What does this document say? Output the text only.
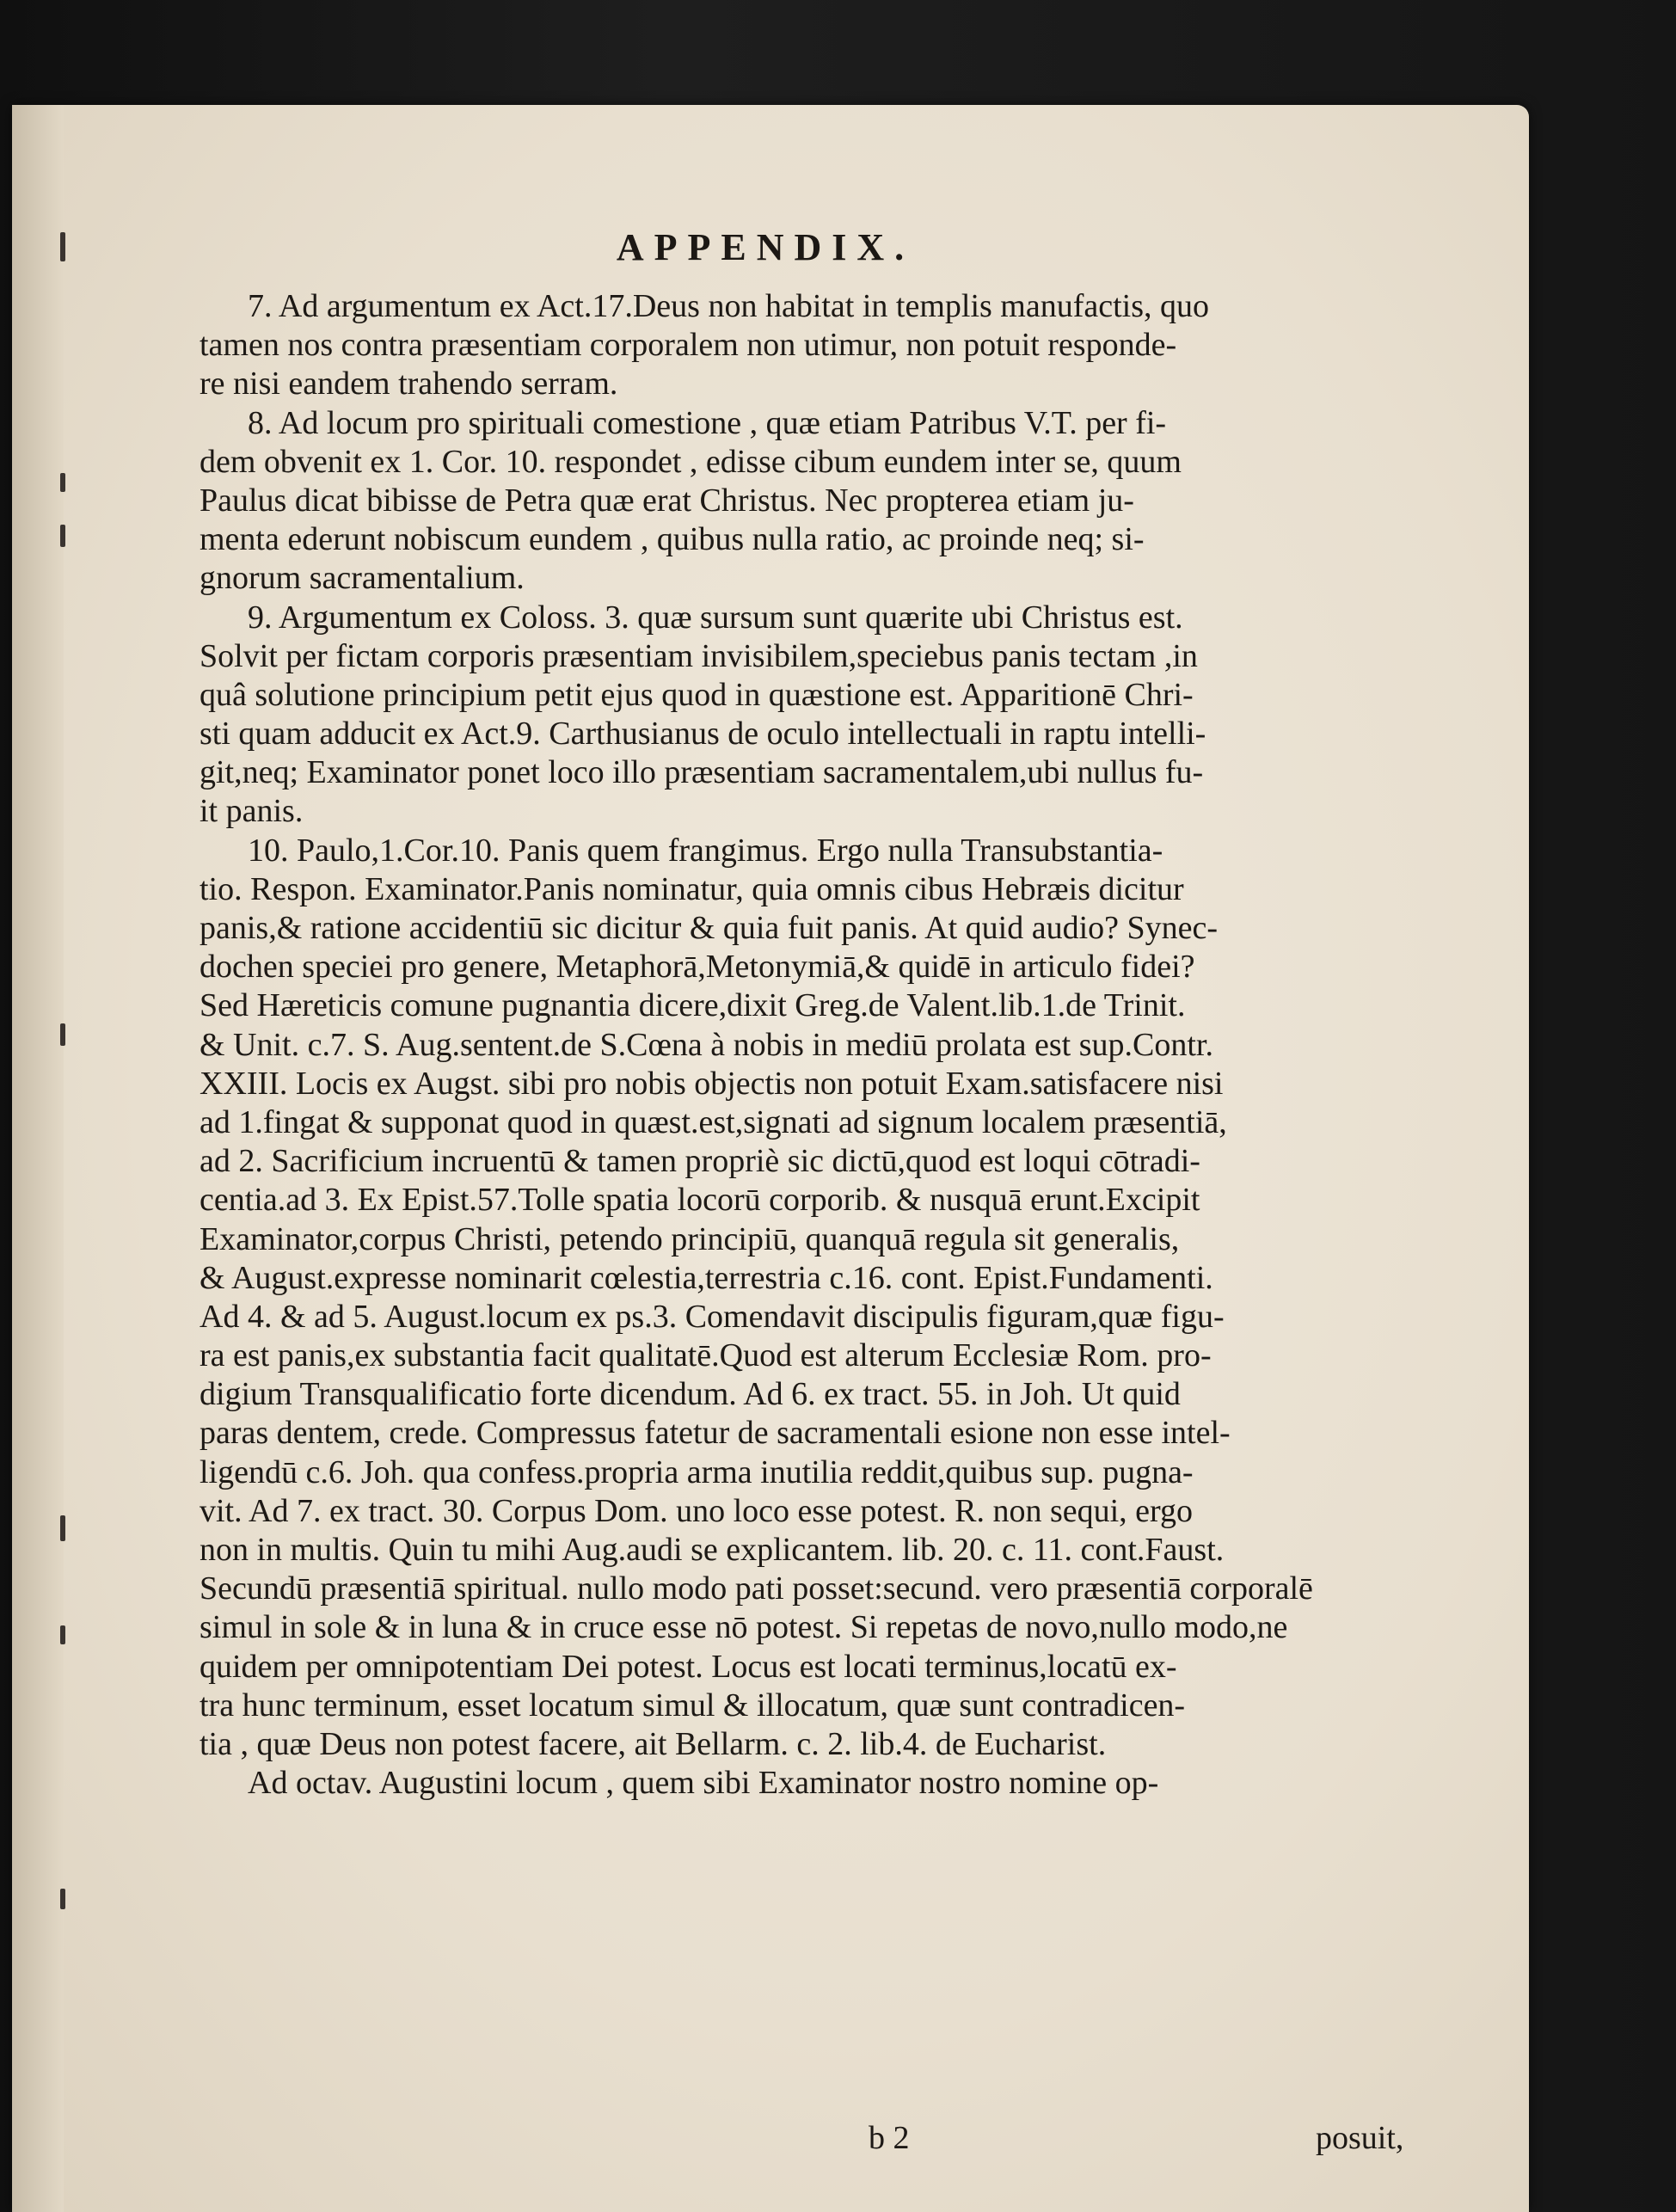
APPENDIX.
7. Ad argumentum ex Act.17.Deus non habitat in templis manufactis, quo
tamen nos contra præsentiam corporalem non utimur, non potuit responde-
re nisi eandem trahendo serram.
8. Ad locum pro spirituali comestione , quæ etiam Patribus V.T. per fi-
dem obvenit ex 1. Cor. 10. respondet , edisse cibum eundem inter se, quum
Paulus dicat bibisse de Petra quæ erat Christus. Nec propterea etiam ju-
menta ederunt nobiscum eundem , quibus nulla ratio, ac proinde neq; si-
gnorum sacramentalium.
9. Argumentum ex Coloss. 3. quæ sursum sunt quærite ubi Christus est.
Solvit per fictam corporis præsentiam invisibilem,speciebus panis tectam ,in
quâ solutione principium petit ejus quod in quæstione est. Apparitionē Chri-
sti quam adducit ex Act.9. Carthusianus de oculo intellectuali in raptu intelli-
git,neq; Examinator ponet loco illo præsentiam sacramentalem,ubi nullus fu-
it panis.
10. Paulo,1.Cor.10. Panis quem frangimus. Ergo nulla Transubstantia-
tio. Respon. Examinator.Panis nominatur, quia omnis cibus Hebræis dicitur
panis,& ratione accidentiū sic dicitur & quia fuit panis. At quid audio? Synec-
dochen speciei pro genere, Metaphorā,Metonymiā,& quidē in articulo fidei?
Sed Hæreticis comune pugnantia dicere,dixit Greg.de Valent.lib.1.de Trinit.
& Unit. c.7. S. Aug.sentent.de S.Cœna à nobis in mediū prolata est sup.Contr.
XXIII. Locis ex Augst. sibi pro nobis objectis non potuit Exam.satisfacere nisi
ad 1.fingat & supponat quod in quæst.est,signati ad signum localem præsentiā,
ad 2. Sacrificium incruentū & tamen propriè sic dictū,quod est loqui cōtradi-
centia.ad 3. Ex Epist.57.Tolle spatia locorū corporib. & nusquā erunt.Excipit
Examinator,corpus Christi, petendo principiū, quanquā regula sit generalis,
& August.expresse nominarit cœlestia,terrestria c.16. cont. Epist.Fundamenti.
Ad 4. & ad 5. August.locum ex ps.3. Comendavit discipulis figuram,quæ figu-
ra est panis,ex substantia facit qualitatē.Quod est alterum Ecclesiæ Rom. pro-
digium Transqualificatio forte dicendum. Ad 6. ex tract. 55. in Joh. Ut quid
paras dentem, crede. Compressus fatetur de sacramentali esione non esse intel-
ligendū c.6. Joh. qua confess.propria arma inutilia reddit,quibus sup. pugna-
vit. Ad 7. ex tract. 30. Corpus Dom. uno loco esse potest. R. non sequi, ergo
non in multis. Quin tu mihi Aug.audi se explicantem. lib. 20. c. 11. cont.Faust.
Secundū præsentiā spiritual. nullo modo pati posset:secund. vero præsentiā corporalē
simul in sole & in luna & in cruce esse nō potest. Si repetas de novo,nullo modo,ne
quidem per omnipotentiam Dei potest. Locus est locati terminus,locatū ex-
tra hunc terminum, esset locatum simul & illocatum, quæ sunt contradicen-
tia , quæ Deus non potest facere, ait Bellarm. c. 2. lib.4. de Eucharist.
Ad octav. Augustini locum , quem sibi Examinator nostro nomine op-
b 2	posuit,
